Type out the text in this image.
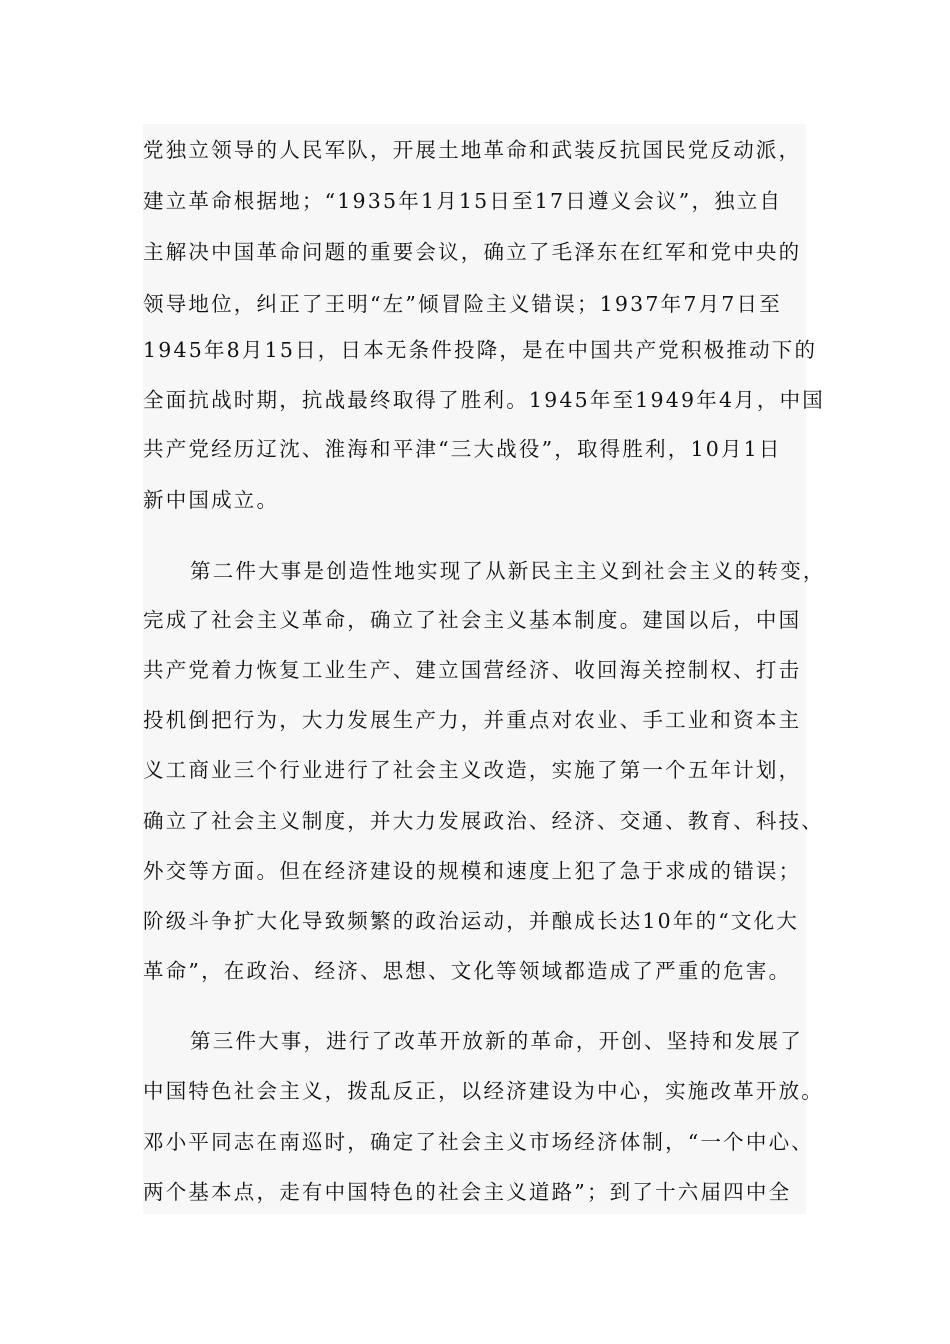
党独立领导的人民军队，开展土地革命和武装反抗国民党反动派，
建立革命根据地；“1935年1月15日至17日遵义会议”，独立自
主解决中国革命问题的重要会议，确立了毛泽东在红军和党中央的
领导地位，纠正了王明“左”倾冒险主义错误；1937年7月7日至
1945年8月15日，日本无条件投降，是在中国共产党积极推动下的
全面抗战时期，抗战最终取得了胜利。1945年至1949年4月，中国
共产党经历辽沈、淮海和平津“三大战役”，取得胜利，10月1日
新中国成立。
第二件大事是创造性地实现了从新民主主义到社会主义的转变，
完成了社会主义革命，确立了社会主义基本制度。建国以后，中国
共产党着力恢复工业生产、建立国营经济、收回海关控制权、打击
投机倒把行为，大力发展生产力，并重点对农业、手工业和资本主
义工商业三个行业进行了社会主义改造，实施了第一个五年计划，
确立了社会主义制度，并大力发展政治、经济、交通、教育、科技、
外交等方面。但在经济建设的规模和速度上犯了急于求成的错误；
阶级斗争扩大化导致频繁的政治运动，并酿成长达10年的“文化大
革命”，在政治、经济、思想、文化等领域都造成了严重的危害。
第三件大事，进行了改革开放新的革命，开创、坚持和发展了
中国特色社会主义，拨乱反正，以经济建设为中心，实施改革开放。
邓小平同志在南巡时，确定了社会主义市场经济体制，“一个中心、
两个基本点，走有中国特色的社会主义道路”；到了十六届四中全
